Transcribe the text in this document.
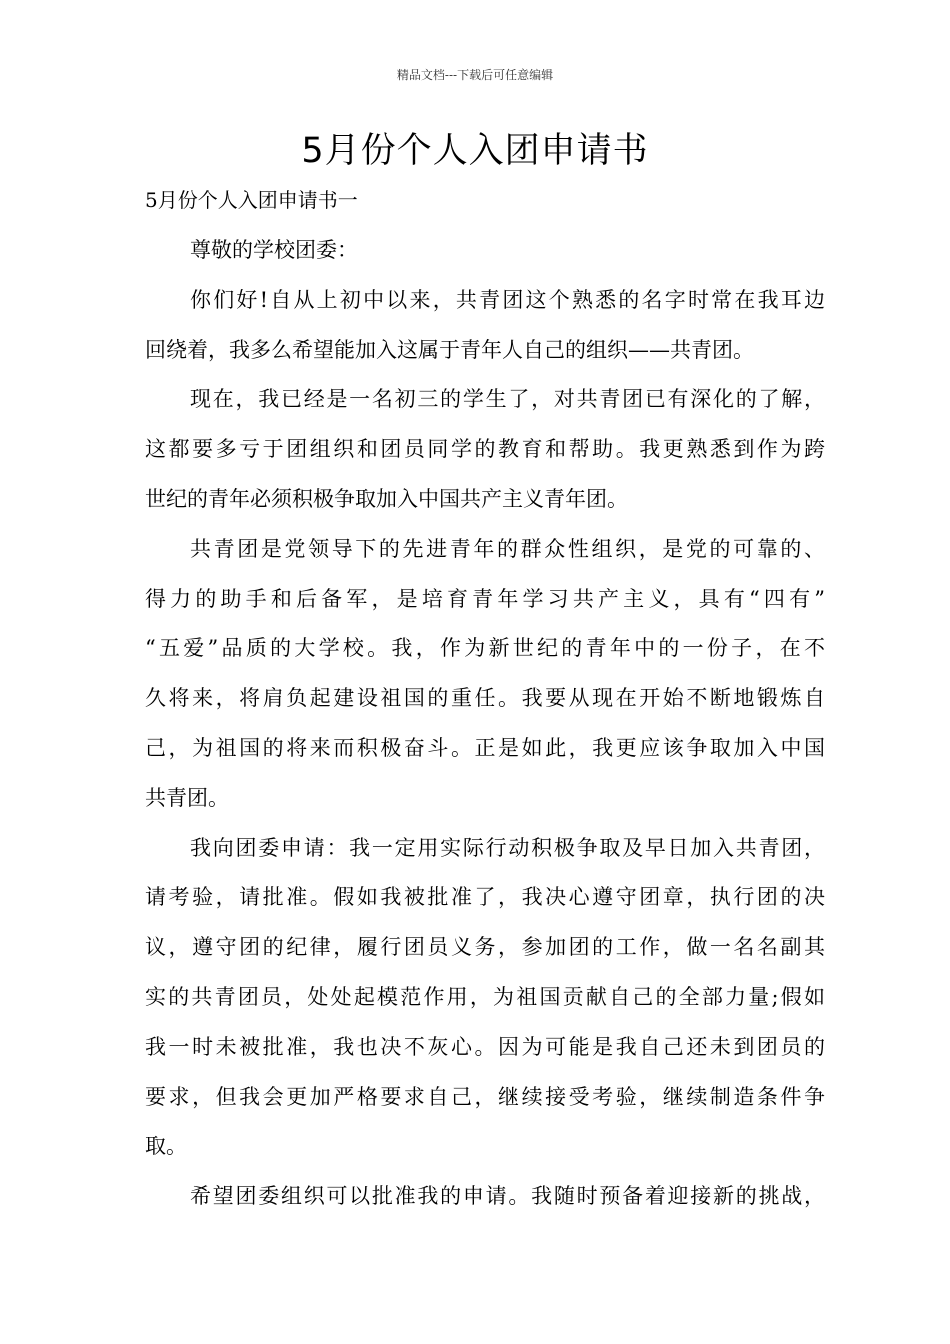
精品文档---下载后可任意编辑
5月份个人入团申请书
5月份个人入团申请书一
尊敬的学校团委：
你们好!自从上初中以来，共青团这个熟悉的名字时常在我耳边
回绕着，我多么希望能加入这属于青年人自己的组织——共青团。
现在，我已经是一名初三的学生了，对共青团已有深化的了解，
这都要多亏于团组织和团员同学的教育和帮助。我更熟悉到作为跨
世纪的青年必须积极争取加入中国共产主义青年团。
共青团是党领导下的先进青年的群众性组织，是党的可靠的、
得力的助手和后备军，是培育青年学习共产主义，具有“四有”
“五爱”品质的大学校。我，作为新世纪的青年中的一份子，在不
久将来，将肩负起建设祖国的重任。我要从现在开始不断地锻炼自
己，为祖国的将来而积极奋斗。正是如此，我更应该争取加入中国
共青团。
我向团委申请：我一定用实际行动积极争取及早日加入共青团，
请考验，请批准。假如我被批准了，我决心遵守团章，执行团的决
议，遵守团的纪律，履行团员义务，参加团的工作，做一名名副其
实的共青团员，处处起模范作用，为祖国贡献自己的全部力量;假如
我一时未被批准，我也决不灰心。因为可能是我自己还未到团员的
要求，但我会更加严格要求自己，继续接受考验，继续制造条件争
取。
希望团委组织可以批准我的申请。我随时预备着迎接新的挑战，
